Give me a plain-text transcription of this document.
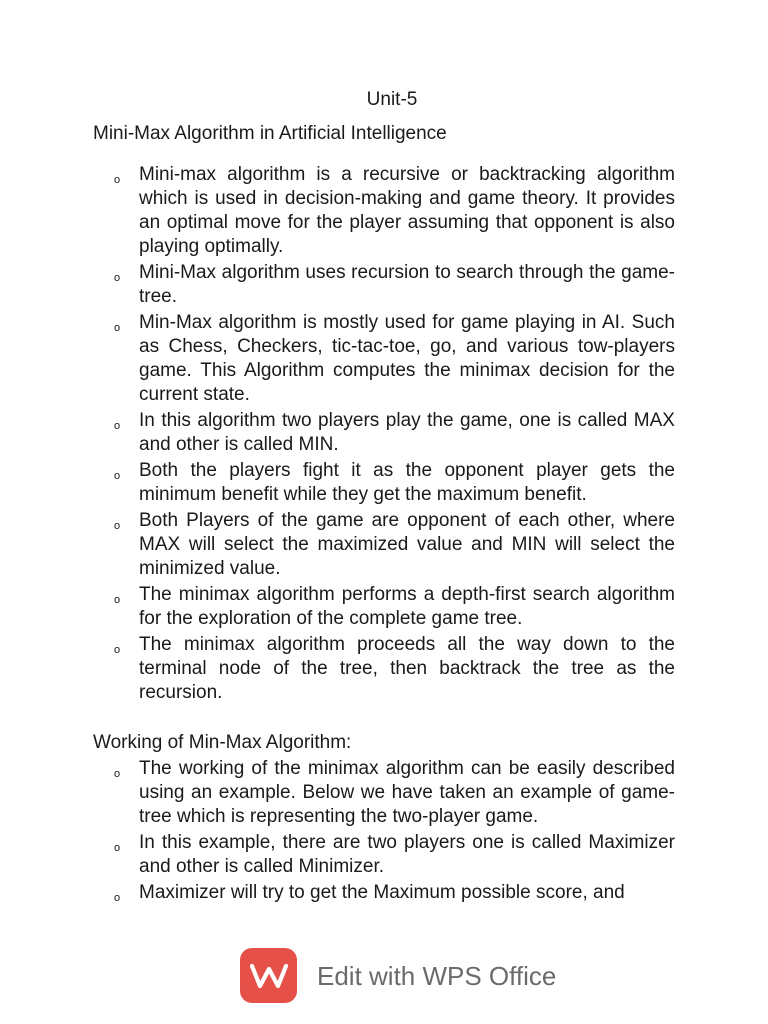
Unit-5
Mini-Max Algorithm in Artificial Intelligence
o Mini-max algorithm is a recursive or backtracking algorithm which is used in decision-making and game theory. It provides an optimal move for the player assuming that opponent is also playing optimally.
o Mini-Max algorithm uses recursion to search through the game-tree.
o Min-Max algorithm is mostly used for game playing in AI. Such as Chess, Checkers, tic-tac-toe, go, and various tow-players game. This Algorithm computes the minimax decision for the current state.
o In this algorithm two players play the game, one is called MAX and other is called MIN.
o Both the players fight it as the opponent player gets the minimum benefit while they get the maximum benefit.
o Both Players of the game are opponent of each other, where MAX will select the maximized value and MIN will select the minimized value.
o The minimax algorithm performs a depth-first search algorithm for the exploration of the complete game tree.
o The minimax algorithm proceeds all the way down to the terminal node of the tree, then backtrack the tree as the recursion.
Working of Min-Max Algorithm:
o The working of the minimax algorithm can be easily described using an example. Below we have taken an example of game-tree which is representing the two-player game.
o In this example, there are two players one is called Maximizer and other is called Minimizer.
o Maximizer will try to get the Maximum possible score, and
Edit with WPS Office
